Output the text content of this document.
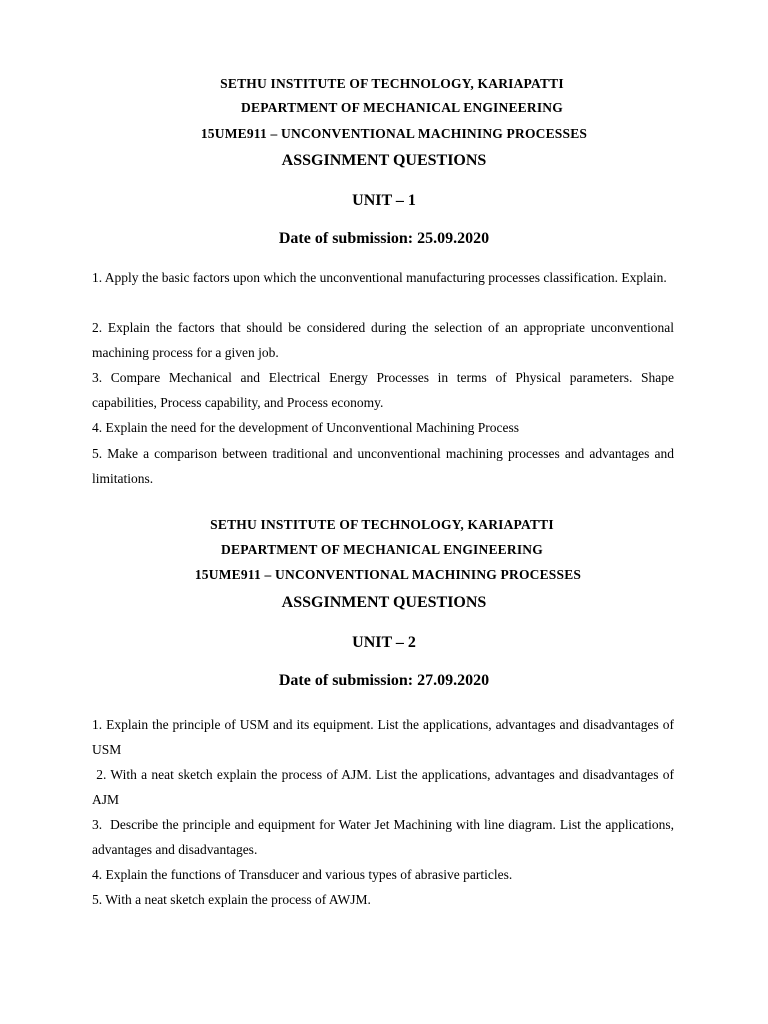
SETHU INSTITUTE OF TECHNOLOGY, KARIAPATTI
DEPARTMENT OF MECHANICAL ENGINEERING
15UME911 – UNCONVENTIONAL MACHINING PROCESSES
ASSGINMENT QUESTIONS
UNIT – 1
Date of submission: 25.09.2020
1. Apply the basic factors upon which the unconventional manufacturing processes classification. Explain.
2. Explain the factors that should be considered during the selection of an appropriate unconventional machining process for a given job.
3. Compare Mechanical and Electrical Energy Processes in terms of Physical parameters. Shape capabilities, Process capability, and Process economy.
4. Explain the need for the development of Unconventional Machining Process
5. Make a comparison between traditional and unconventional machining processes and advantages and limitations.
SETHU INSTITUTE OF TECHNOLOGY, KARIAPATTI
DEPARTMENT OF MECHANICAL ENGINEERING
15UME911 – UNCONVENTIONAL MACHINING PROCESSES
ASSGINMENT QUESTIONS
UNIT – 2
Date of submission: 27.09.2020
1. Explain the principle of USM and its equipment. List the applications, advantages and disadvantages of USM
2. With a neat sketch explain the process of AJM. List the applications, advantages and disadvantages of AJM
3.  Describe the principle and equipment for Water Jet Machining with line diagram. List the applications, advantages and disadvantages.
4. Explain the functions of Transducer and various types of abrasive particles.
5. With a neat sketch explain the process of AWJM.
